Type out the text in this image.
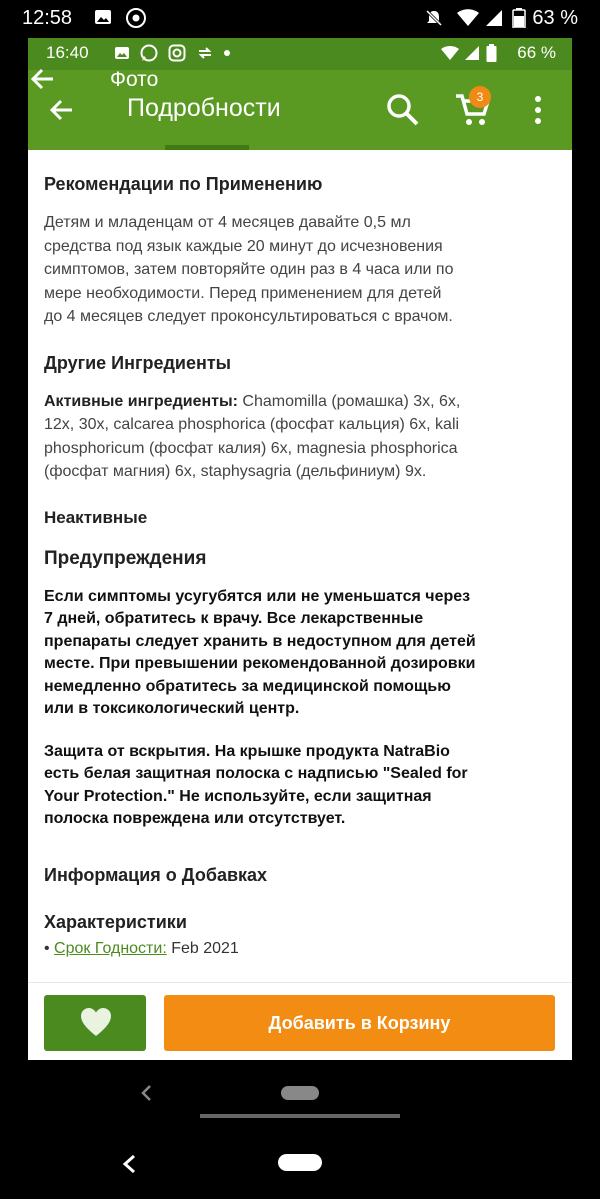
12:58	63 %
16:40	66 %
Подробности	3

Рекомендации по Применению

Детям и младенцам от 4 месяцев давайте 0,5 мл

средства под язык каждые 20 минут до исчезновения

симптомов, затем повторяйте один раз в 4 часа или по

мере необходимости. Перед применением для детей

до 4 месяцев следует проконсультироваться с врачом.

Другие Ингредиенты

Активные ингредиенты: Chamomilla (ромашка) 3x, 6x,

12x, 30x, calcarea phosphorica (фосфат кальция) 6x, kali

phosphoricum (фосфат калия) 6x, magnesia phosphorica

(фосфат магния) 6x, staphysagria (дельфиниум) 9x.

Неактивные

Предупреждения

Если симптомы усугубятся или не уменьшатся через

7 дней, обратитесь к врачу. Все лекарственные

препараты следует хранить в недоступном для детей

месте. При превышении рекомендованной дозировки

немедленно обратитесь за медицинской помощью

или в токсикологический центр.

Защита от вскрытия. На крышке продукта NatraBio

есть белая защитная полоска с надписью "Sealed for

Your Protection." Не используйте, если защитная

полоска повреждена или отсутствует.

Информация о Добавках

Характеристики

• Срок Годности: Feb 2021

Добавить в Корзину
Фото
